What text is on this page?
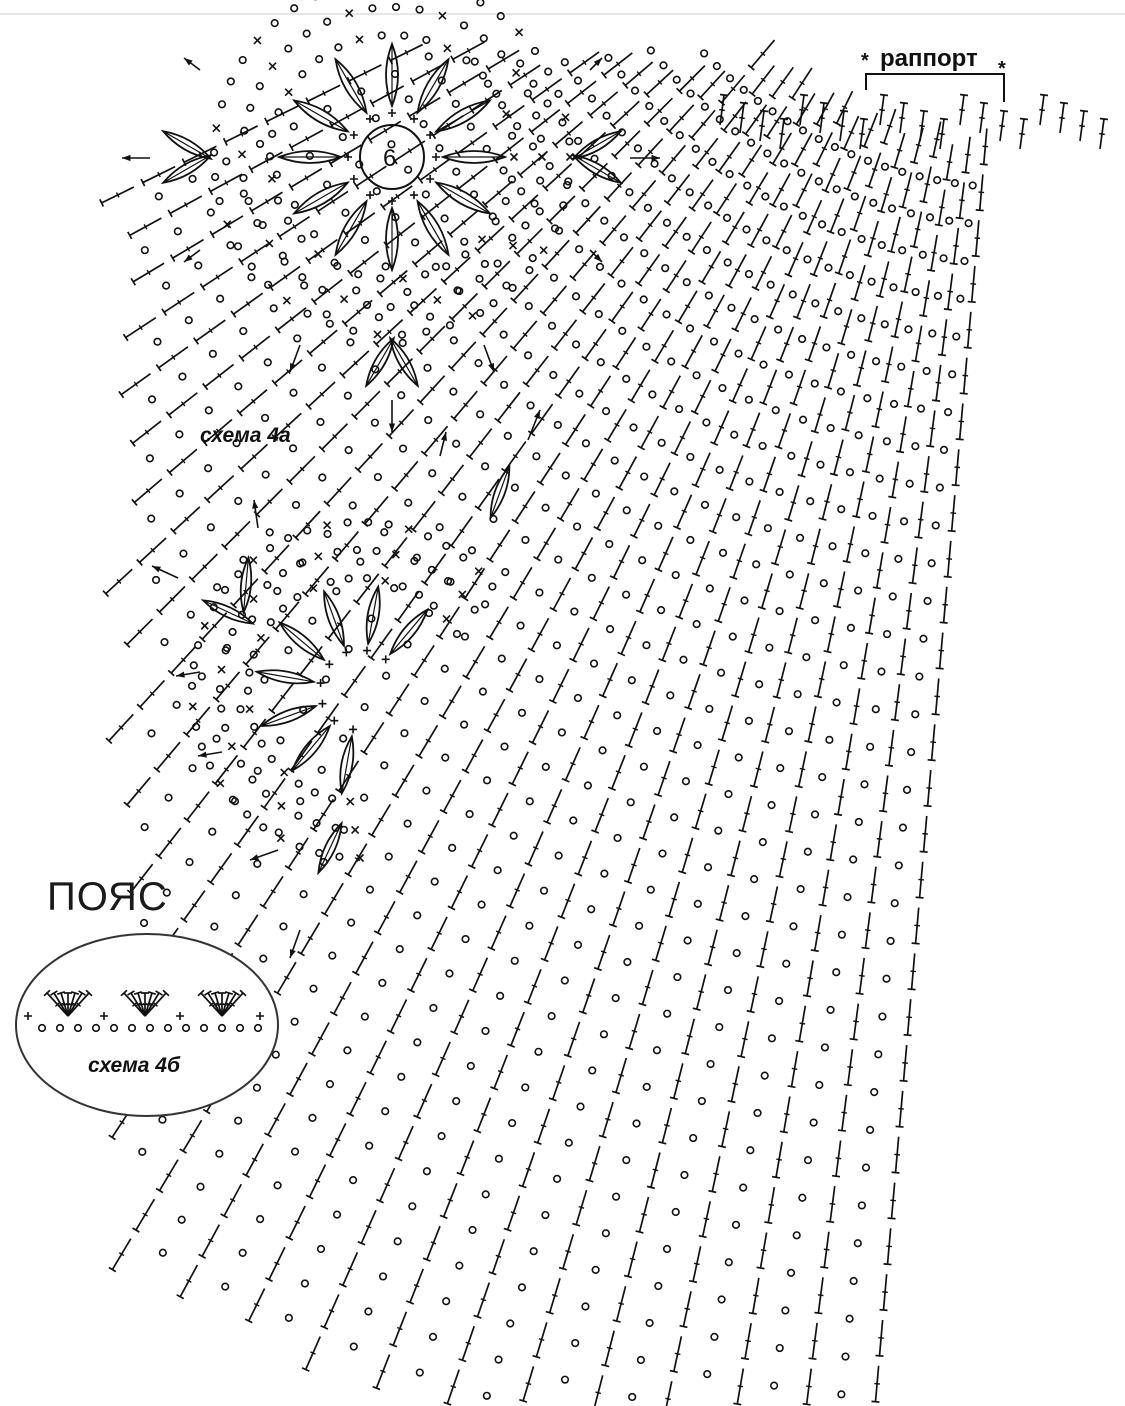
*	*
раппорт
схема 4а
ПОЯС
схема 4б
6
